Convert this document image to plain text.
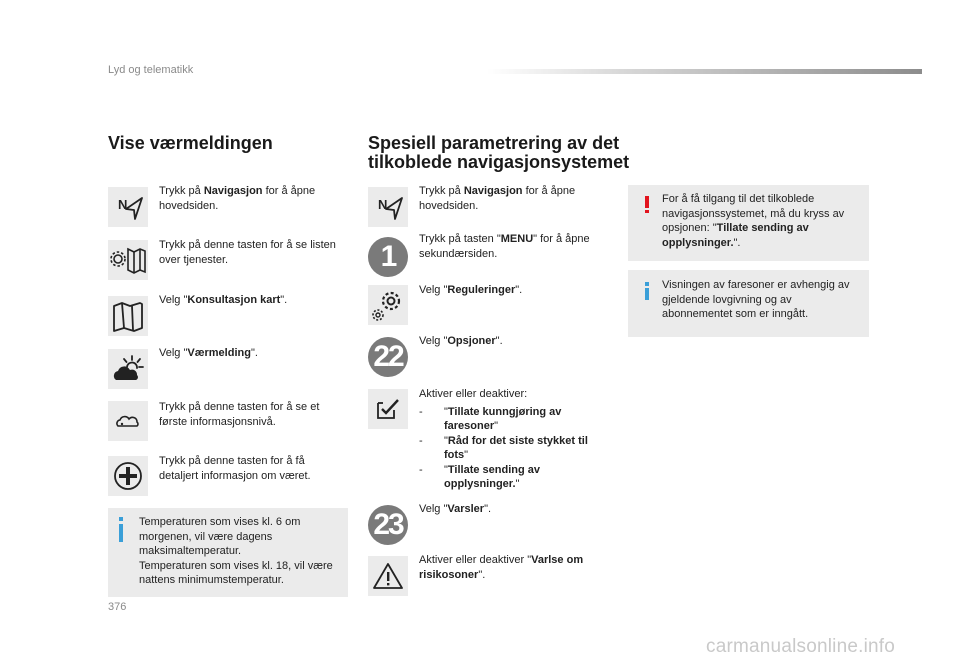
Lyd og telematikk
Vise værmeldingen
N
Trykk på Navigasjon for å åpne hovedsiden.
Trykk på denne tasten for å se listen over tjenester.
Velg "Konsultasjon kart".
Velg "Værmelding".
Trykk på denne tasten for å se et første informasjonsnivå.
Trykk på denne tasten for å få detaljert informasjon om været.
Temperaturen som vises kl. 6 om morgenen, vil være dagens maksimaltemperatur.
Temperaturen som vises kl. 18, vil være nattens minimumstemperatur.
Spesiell parametrering av det
tilkoblede navigasjonsystemet
N
Trykk på Navigasjon for å åpne hovedsiden.
1
Trykk på tasten "MENU" for å åpne sekundærsiden.
Velg "Reguleringer".
22	Velg "Opsjoner".
Aktiver eller deaktiver:
- "Tillate kunngjøring av faresoner"
- "Råd for det siste stykket til fots"
- "Tillate sending av opplysninger."
23	Velg "Varsler".
Aktiver eller deaktiver "Varlse om risikosoner".
For å få tilgang til det tilkoblede navigasjonssystemet, må du kryss av opsjonen: "Tillate sending av opplysninger.".
Visningen av faresoner er avhengig av gjeldende lovgivning og av abonnementet som er inngått.
376
carmanualsonline.info
